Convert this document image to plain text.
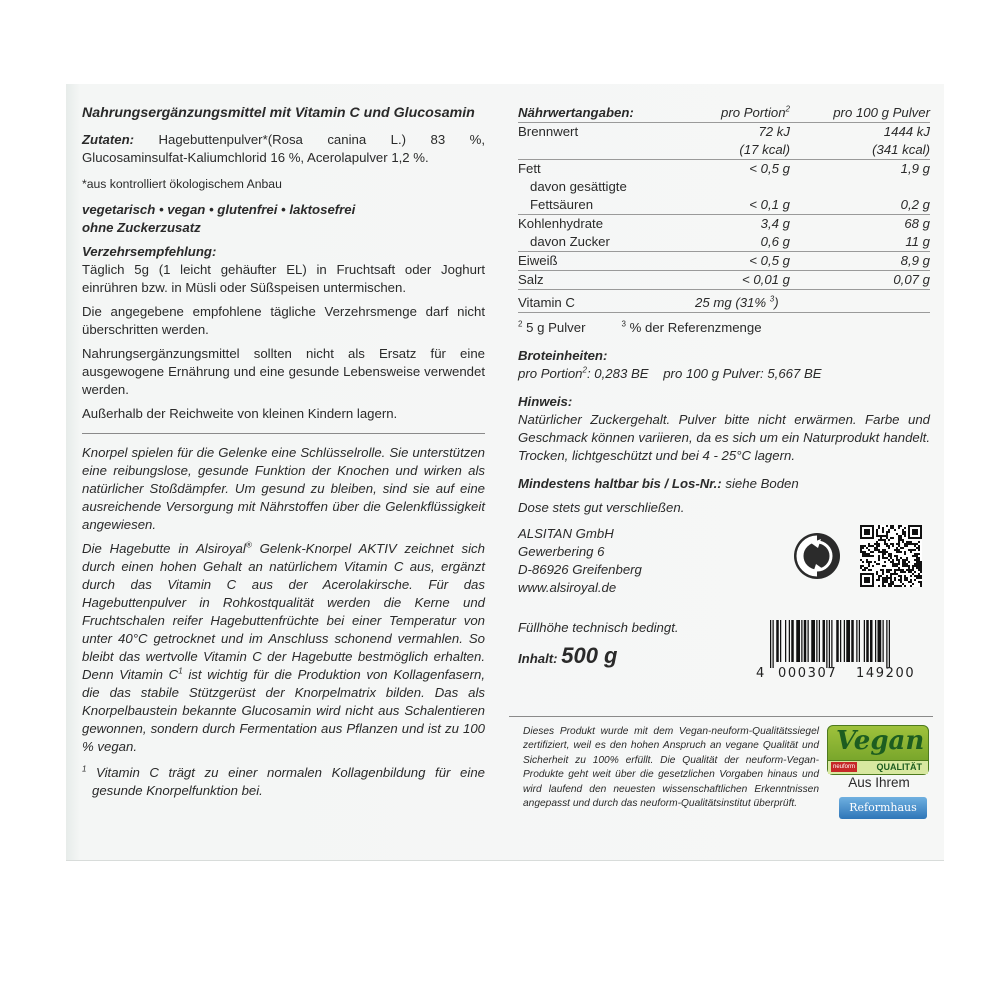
Nahrungsergänzungsmittel mit Vitamin C und Glucosamin

Zutaten: Hagebuttenpulver*(Rosa canina L.) 83 %, Glucosaminsulfat-Kaliumchlorid 16 %, Acerolapulver 1,2 %.

*aus kontrolliert ökologischem Anbau

vegetarisch • vegan • glutenfrei • laktosefrei

ohne Zuckerzusatz

Verzehrsempfehlung:

Täglich 5g (1 leicht gehäufter EL) in Fruchtsaft oder Joghurt einrühren bzw. in Müsli oder Süßspeisen untermischen.

Die angegebene empfohlene tägliche Verzehrsmenge darf nicht überschritten werden.

Nahrungsergänzungsmittel sollten nicht als Ersatz für eine ausgewogene Ernährung und eine gesunde Lebensweise verwendet werden.

Außerhalb der Reichweite von kleinen Kindern lagern.

Knorpel spielen für die Gelenke eine Schlüsselrolle. Sie unterstützen eine reibungslose, gesunde Funktion der Knochen und wirken als natürlicher Stoßdämpfer. Um gesund zu bleiben, sind sie auf eine ausreichende Versorgung mit Nährstoffen über die Gelenkflüssigkeit angewiesen.

Die Hagebutte in Alsiroyal® Gelenk-Knorpel AKTIV zeichnet sich durch einen hohen Gehalt an natürlichem Vitamin C aus, ergänzt durch das Vitamin C aus der Acerolakirsche. Für das Hagebuttenpulver in Rohkostqualität werden die Kerne und Fruchtschalen reifer Hagebuttenfrüchte bei einer Temperatur von unter 40°C getrocknet und im Anschluss schonend vermahlen. So bleibt das wertvolle Vitamin C der Hagebutte bestmöglich erhalten. Denn Vitamin $C^1$ ist wichtig für die Produktion von Kollagenfasern, die das stabile Stützgerüst der Knorpelmatrix bilden. Das als Knorpelbaustein bekannte Glucosamin wird nicht aus Schalentieren gewonnen, sondern durch Fermentation aus Pflanzen und ist zu 100 % vegan.

$^1$ Vitamin C trägt zu einer normalen Kollagenbildung für eine gesunde Knorpelfunktion bei.

Nährwertangaben:	pro Portion$^2$	pro 100 g Pulver
Brennwert	72 kJ	1444 kJ
	(17 kcal)	(341 kcal)
Fett	< 0,5 g	1,9 g
davon gesättigte		
Fettsäuren	< 0,1 g	0,2 g
Kohlenhydrate	3,4 g	68 g
davon Zucker	0,6 g	11 g
Eiweiß	< 0,5 g	8,9 g
Salz	< 0,01 g	0,07 g
Vitamin C	25 mg (31% $^3$)	
$^2$ 5 g Pulver	$^3$ % der Referenzmenge

Broteinheiten:

pro Portion$^2$: 0,283 BE pro 100 g Pulver: 5,667 BE

Hinweis:

Natürlicher Zuckergehalt. Pulver bitte nicht erwärmen. Farbe und Geschmack können variieren, da es sich um ein Naturprodukt handelt. Trocken, lichtgeschützt und bei 4 - 25°C lagern.

Mindestens haltbar bis / Los-Nr.: siehe Boden

Dose stets gut verschließen.

ALSITAN GmbH

Gewerbering 6

D-86926 Greifenberg

www.alsiroyal.de

Füllhöhe technisch bedingt.

Inhalt: 500 g

4 000307 149200

Dieses Produkt wurde mit dem Vegan-neuform-Qualitätssiegel zertifiziert, weil es den hohen Anspruch an vegane Qualität und Sicherheit zu 100% erfüllt. Die Qualität der neuform-Vegan-Produkte geht weit über die gesetzlichen Vorgaben hinaus und wird laufend den neuesten wissenschaftlichen Erkenntnissen angepasst und durch das neuform-Qualitätsinstitut überprüft.

Vegan
QUALITÄT
neuform
Aus Ihrem
Reformhaus
